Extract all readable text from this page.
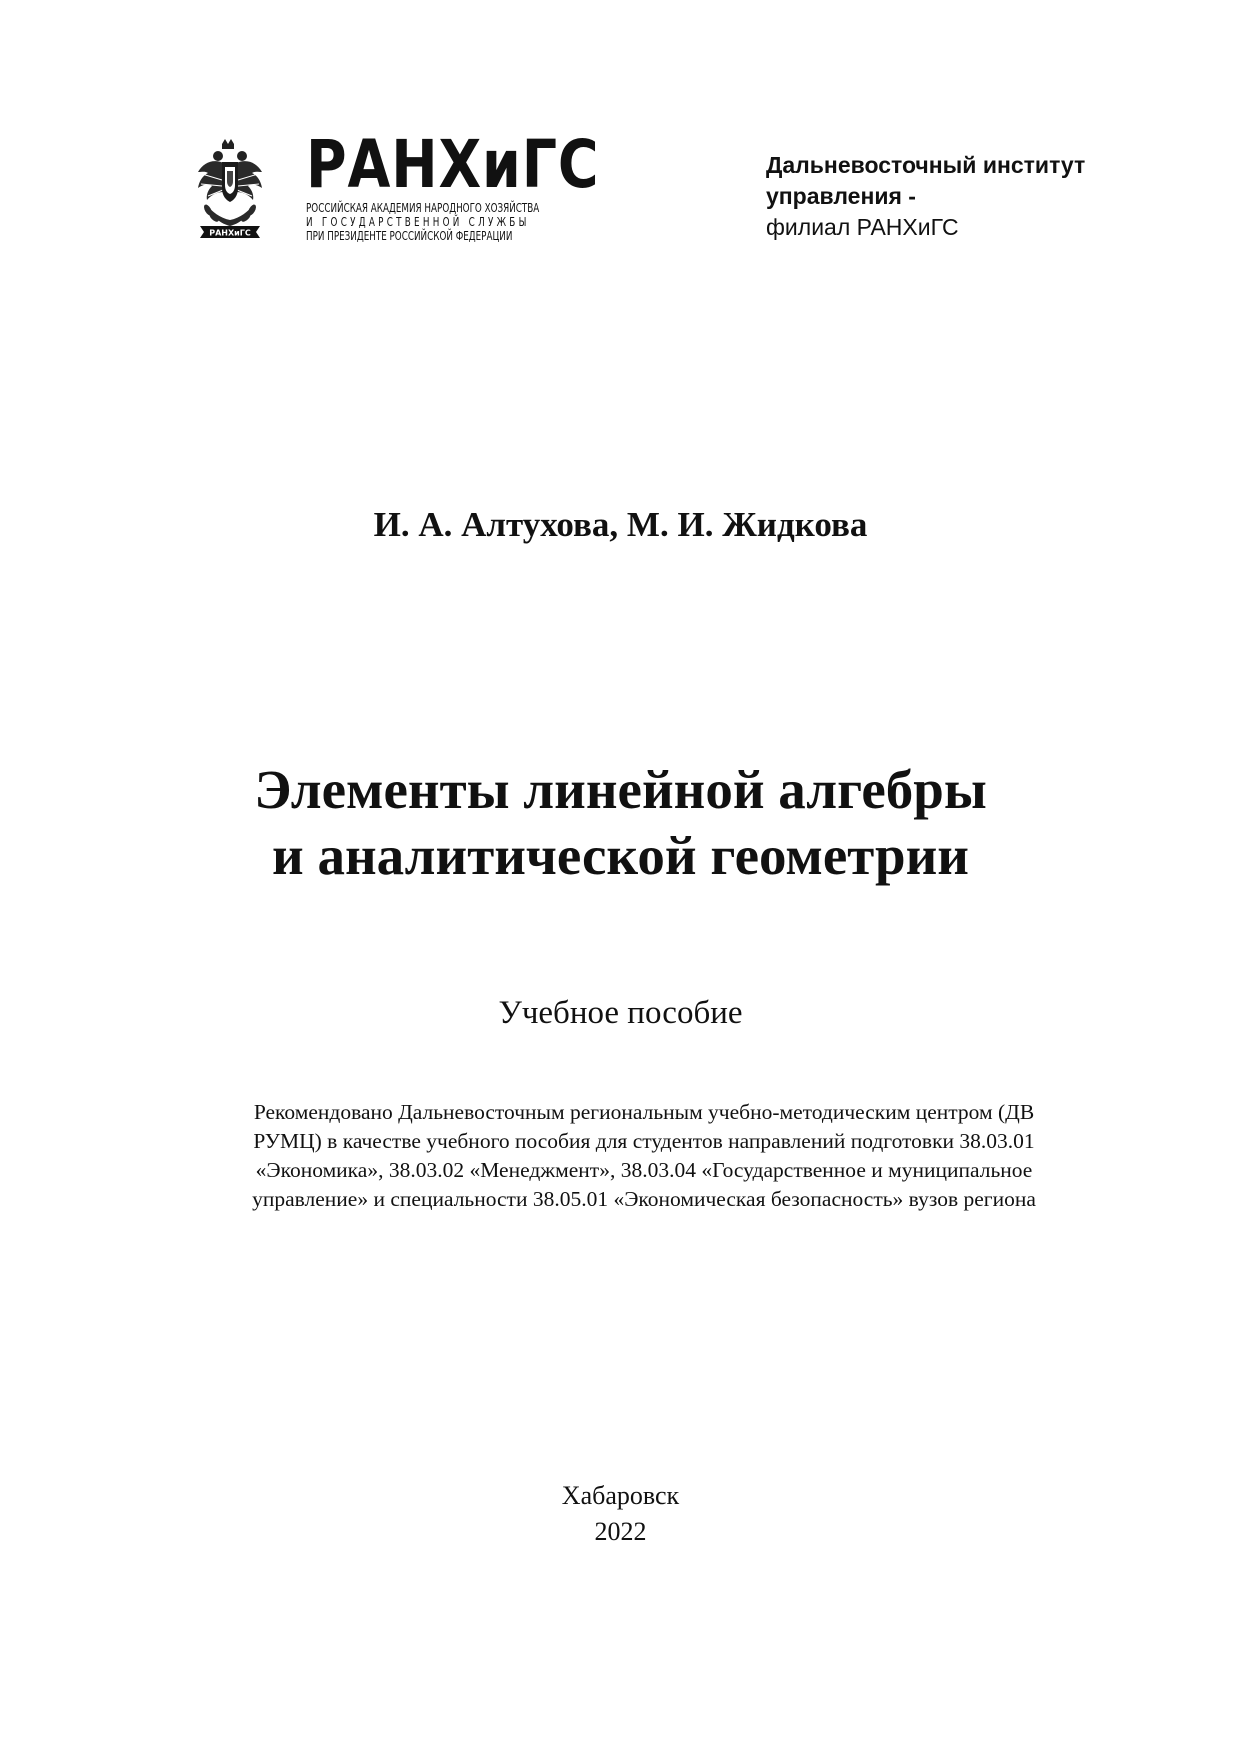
РАНХиГС
РАНХиГС
РОССИЙСКАЯ АКАДЕМИЯ НАРОДНОГО ХОЗЯЙСТВА
И ГОСУДАРСТВЕННОЙ СЛУЖБЫ
ПРИ ПРЕЗИДЕНТЕ РОССИЙСКОЙ ФЕДЕРАЦИИ
Дальневосточный институт
управления -
филиал РАНХиГС
И. А. Алтухова, М. И. Жидкова
Элементы линейной алгебры
и аналитической геометрии
Учебное пособие
Рекомендовано Дальневосточным региональным учебно-методическим центром (ДВ
РУМЦ) в качестве учебного пособия для студентов направлений подготовки 38.03.01
«Экономика», 38.03.02 «Менеджмент», 38.03.04 «Государственное и муниципальное
управление» и специальности 38.05.01 «Экономическая безопасность» вузов региона
Хабаровск
2022
